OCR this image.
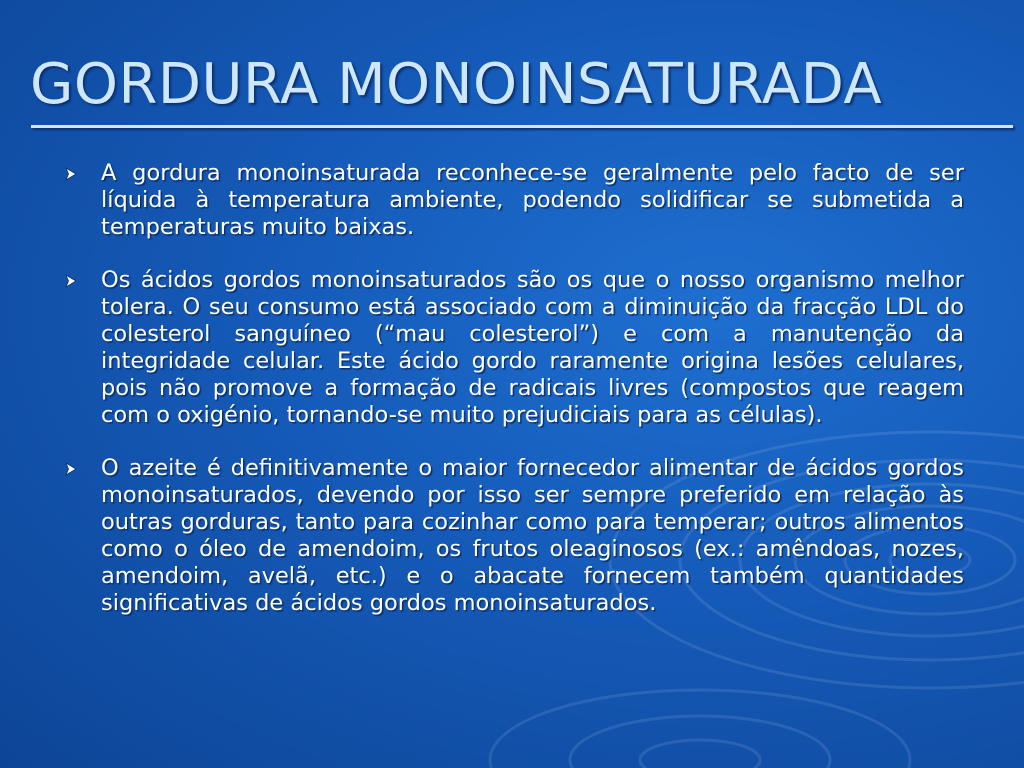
GORDURA MONOINSATURADA
A gordura monoinsaturada reconhece-se geralmente pelo facto de ser líquida à temperatura ambiente, podendo solidificar se submetida a temperaturas muito baixas.
Os ácidos gordos monoinsaturados são os que o nosso organismo melhor tolera. O seu consumo está associado com a diminuição da fracção LDL do colesterol sanguíneo (“mau colesterol”) e com a manutenção da integridade celular. Este ácido gordo raramente origina lesões celulares, pois não promove a formação de radicais livres (compostos que reagem com o oxigénio, tornando-se muito prejudiciais para as células).
O azeite é definitivamente o maior fornecedor alimentar de ácidos gordos monoinsaturados, devendo por isso ser sempre preferido em relação às outras gorduras, tanto para cozinhar como para temperar; outros alimentos como o óleo de amendoim, os frutos oleaginosos (ex.: amêndoas, nozes, amendoim, avelã, etc.) e o abacate fornecem também quantidades significativas de ácidos gordos monoinsaturados.
